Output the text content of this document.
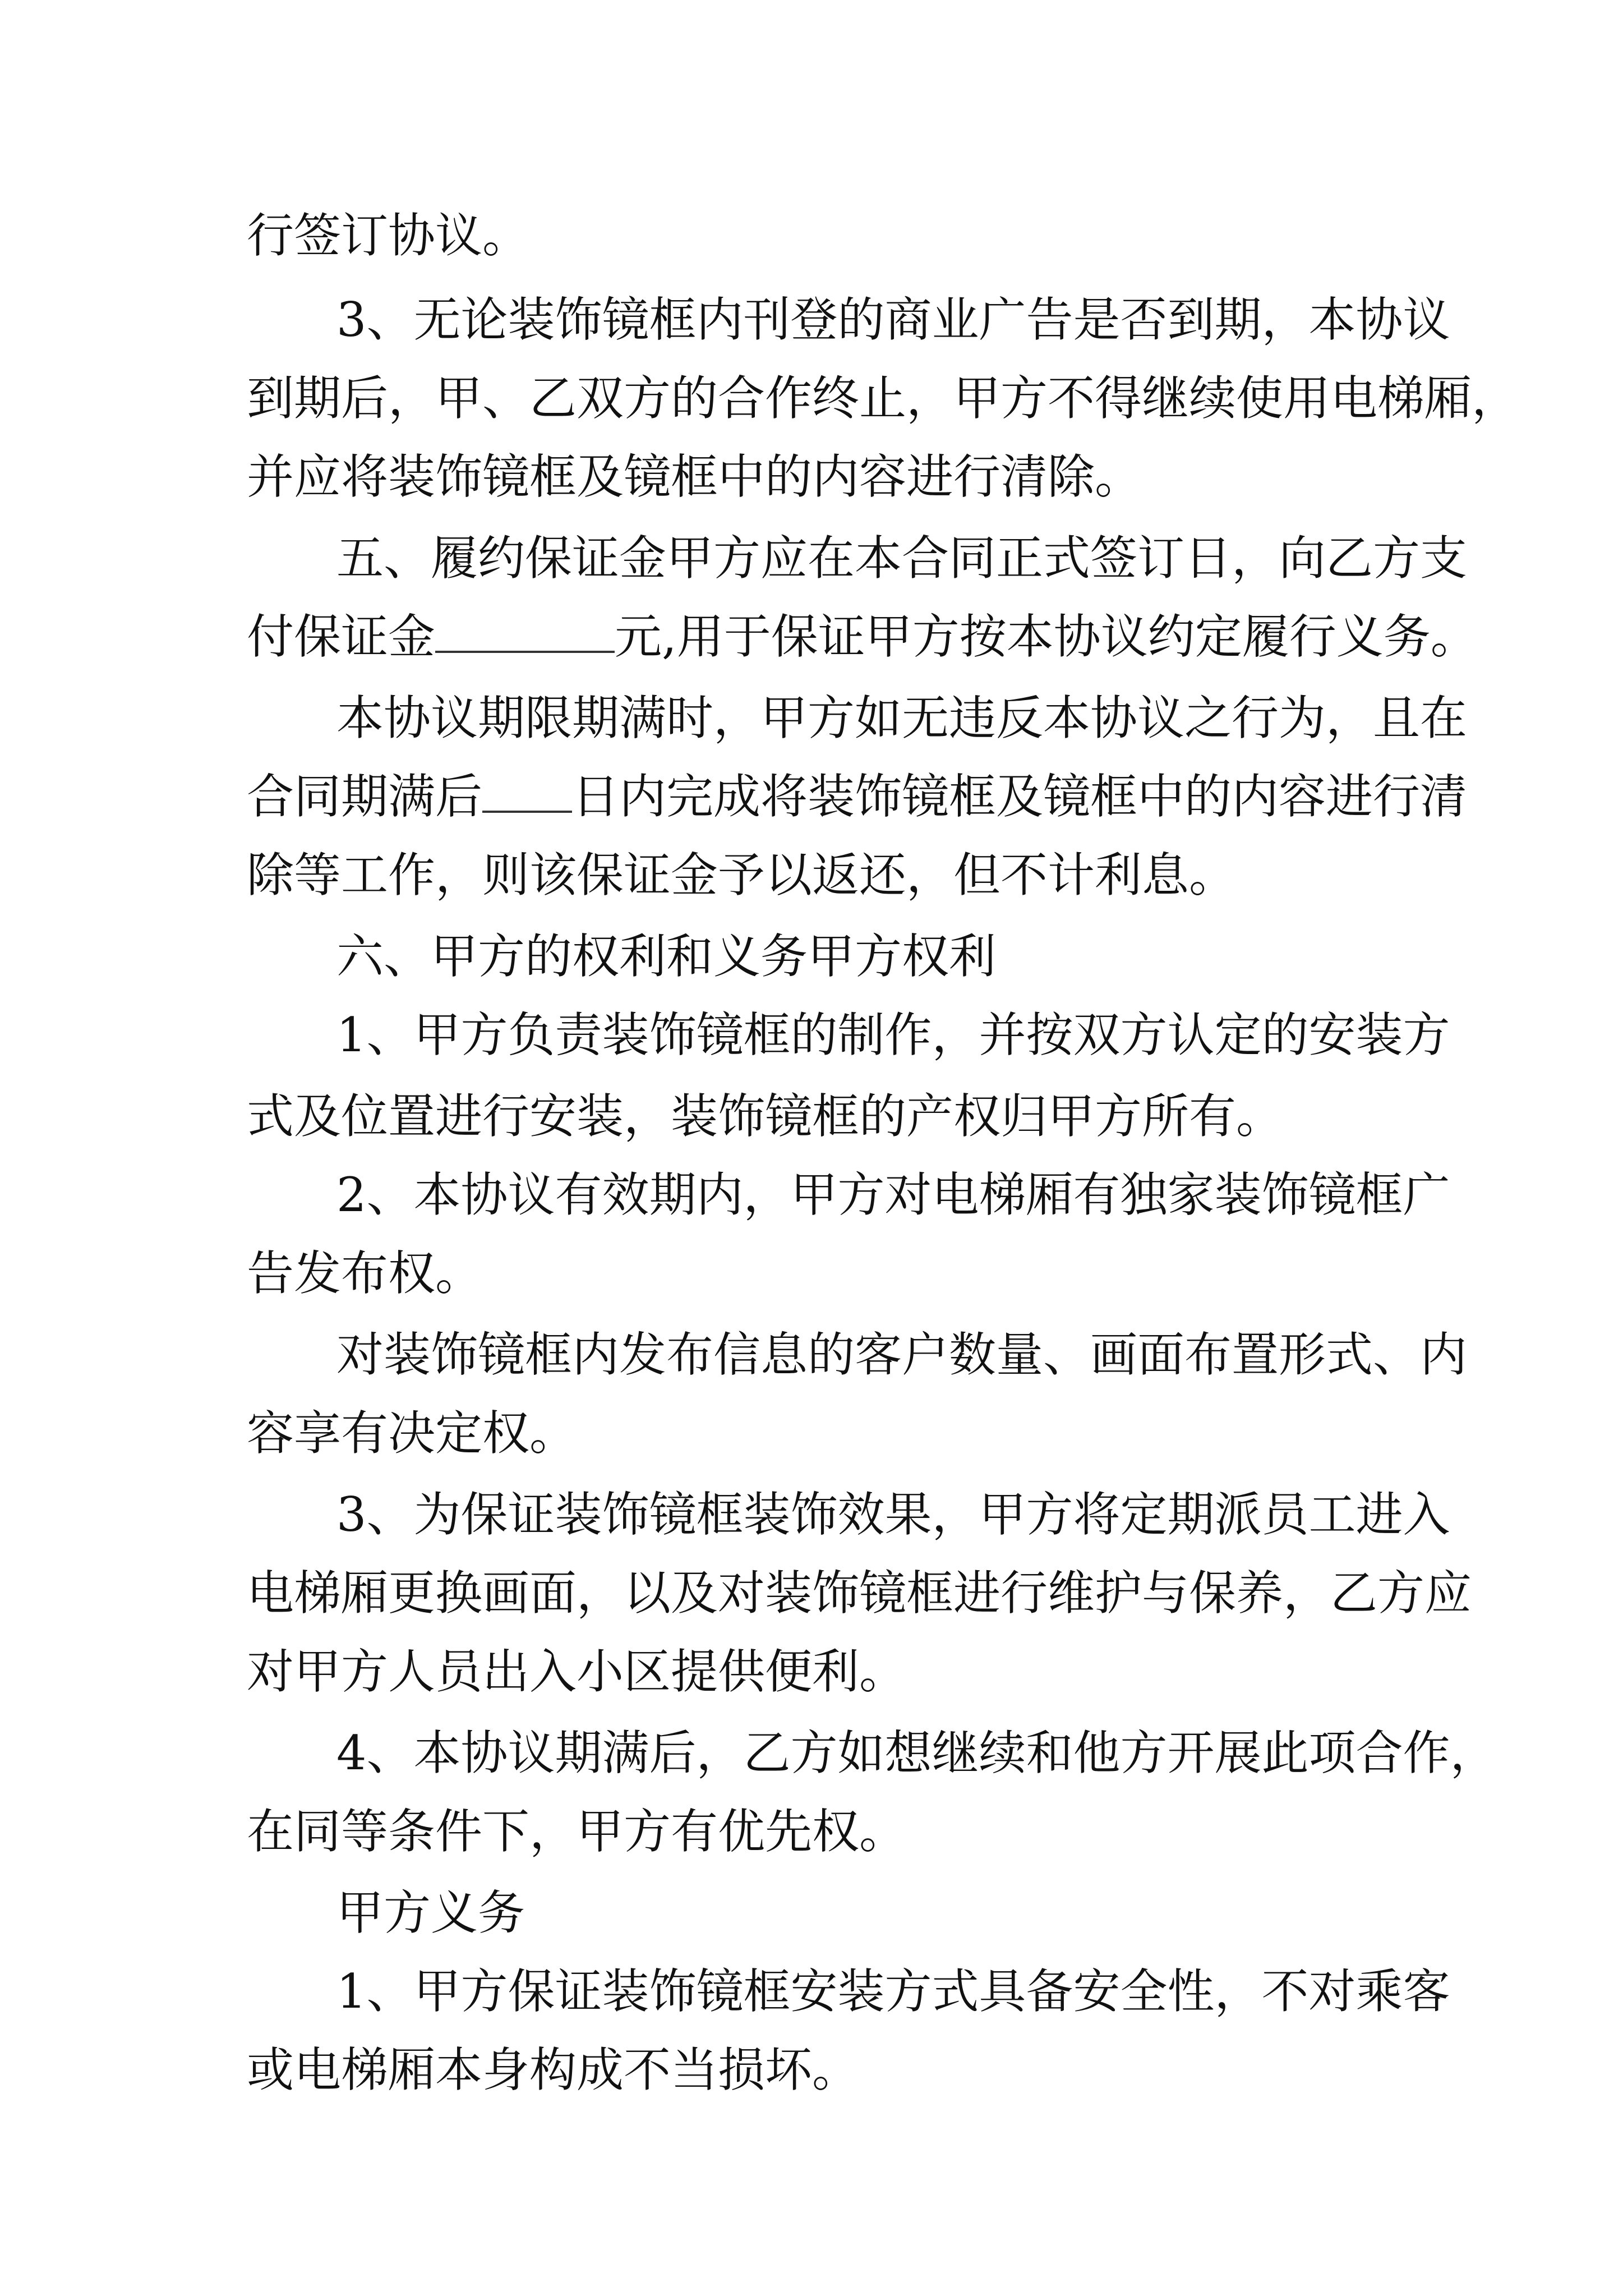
行签订协议。
3、无论装饰镜框内刊登的商业广告是否到期，本协议
到期后，甲、乙双方的合作终止，甲方不得继续使用电梯厢，
并应将装饰镜框及镜框中的内容进行清除。
五、履约保证金甲方应在本合同正式签订日，向乙方支
付保证金	元,用于保证甲方按本协议约定履行义务。
本协议期限期满时，甲方如无违反本协议之行为，且在
合同期满后 日内完成将装饰镜框及镜框中的内容进行清
除等工作，则该保证金予以返还，但不计利息。
六、甲方的权利和义务甲方权利
1、甲方负责装饰镜框的制作，并按双方认定的安装方
式及位置进行安装，装饰镜框的产权归甲方所有。
2、本协议有效期内，甲方对电梯厢有独家装饰镜框广
告发布权。
对装饰镜框内发布信息的客户数量、画面布置形式、内
容享有决定权。
3、为保证装饰镜框装饰效果，甲方将定期派员工进入
电梯厢更换画面，以及对装饰镜框进行维护与保养，乙方应
对甲方人员出入小区提供便利。
4、本协议期满后，乙方如想继续和他方开展此项合作，
在同等条件下，甲方有优先权。
甲方义务
1、甲方保证装饰镜框安装方式具备安全性，不对乘客
或电梯厢本身构成不当损坏。
